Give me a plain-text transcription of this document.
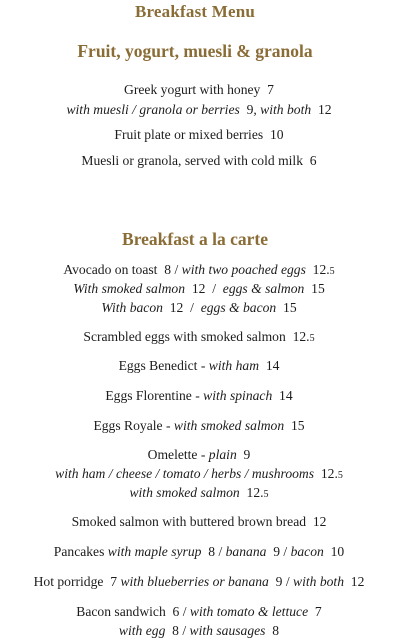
Breakfast Menu
Fruit, yogurt, muesli & granola
Greek yogurt with honey 7
with muesli / granola or berries 9, with both 12
Fruit plate or mixed berries 10
Muesli or granola, served with cold milk 6
Breakfast a la carte
Avocado on toast 8 / with two poached eggs 12.5
With smoked salmon 12  /  eggs & salmon 15
With bacon 12  /  eggs & bacon 15
Scrambled eggs with smoked salmon 12.5
Eggs Benedict - with ham 14
Eggs Florentine - with spinach 14
Eggs Royale - with smoked salmon 15
Omelette - plain 9
with ham / cheese / tomato / herbs / mushrooms 12.5
with smoked salmon 12.5
Smoked salmon with buttered brown bread 12
Pancakes with maple syrup 8 / banana 9 / bacon 10
Hot porridge 7 with blueberries or banana 9 / with both 12
Bacon sandwich 6 / with tomato & lettuce 7
with egg 8 / with sausages 8
